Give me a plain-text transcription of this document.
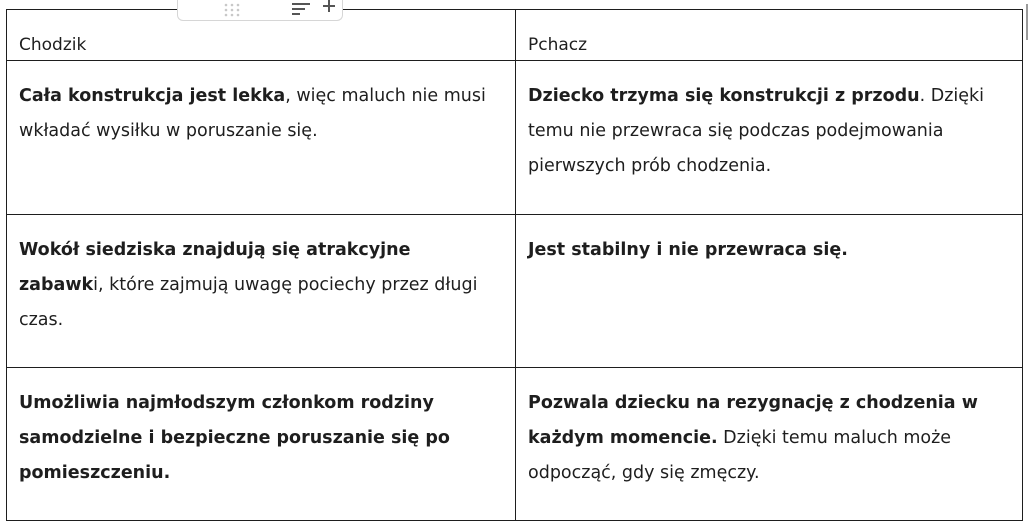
Chodzik	Pchacz

Cała konstrukcja jest lekka, więc maluch nie musi wkładać wysiłku w poruszanie się.	Dziecko trzyma się konstrukcji z przodu. Dzięki temu nie przewraca się podczas podejmowania pierwszych prób chodzenia.

Wokół siedziska znajdują się atrakcyjne zabawki, które zajmują uwagę pociechy przez długi czas.	Jest stabilny i nie przewraca się.

Umożliwia najmłodszym członkom rodziny samodzielne i bezpieczne poruszanie się po pomieszczeniu.	Pozwala dziecku na rezygnację z chodzenia w każdym momencie. Dzięki temu maluch może odpocząć, gdy się zmęczy.
